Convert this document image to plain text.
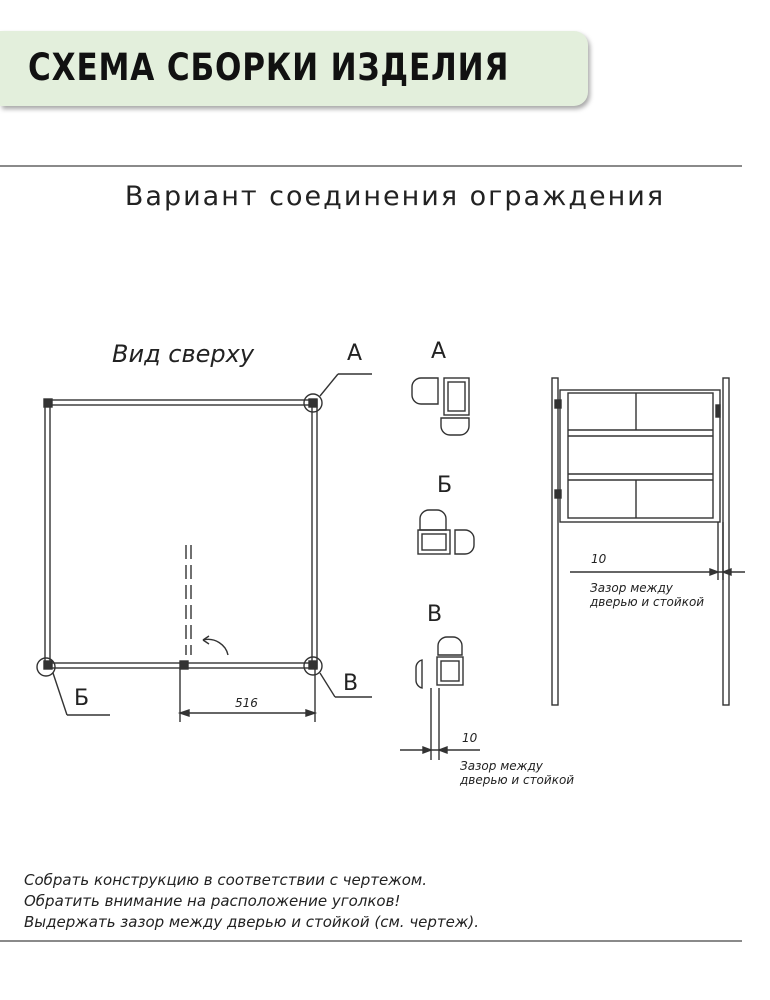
СХЕМА СБОРКИ ИЗДЕЛИЯ
Вариант соединения ограждения
Вид сверху	А
Б
В
516
А
Б
В
10
Зазор между
дверью и стойкой
10
Зазор между
дверью и стойкой
Собрать конструкцию в соответствии с чертежом.
Обратить внимание на расположение уголков!
Выдержать зазор между дверью и стойкой (см. чертеж).
